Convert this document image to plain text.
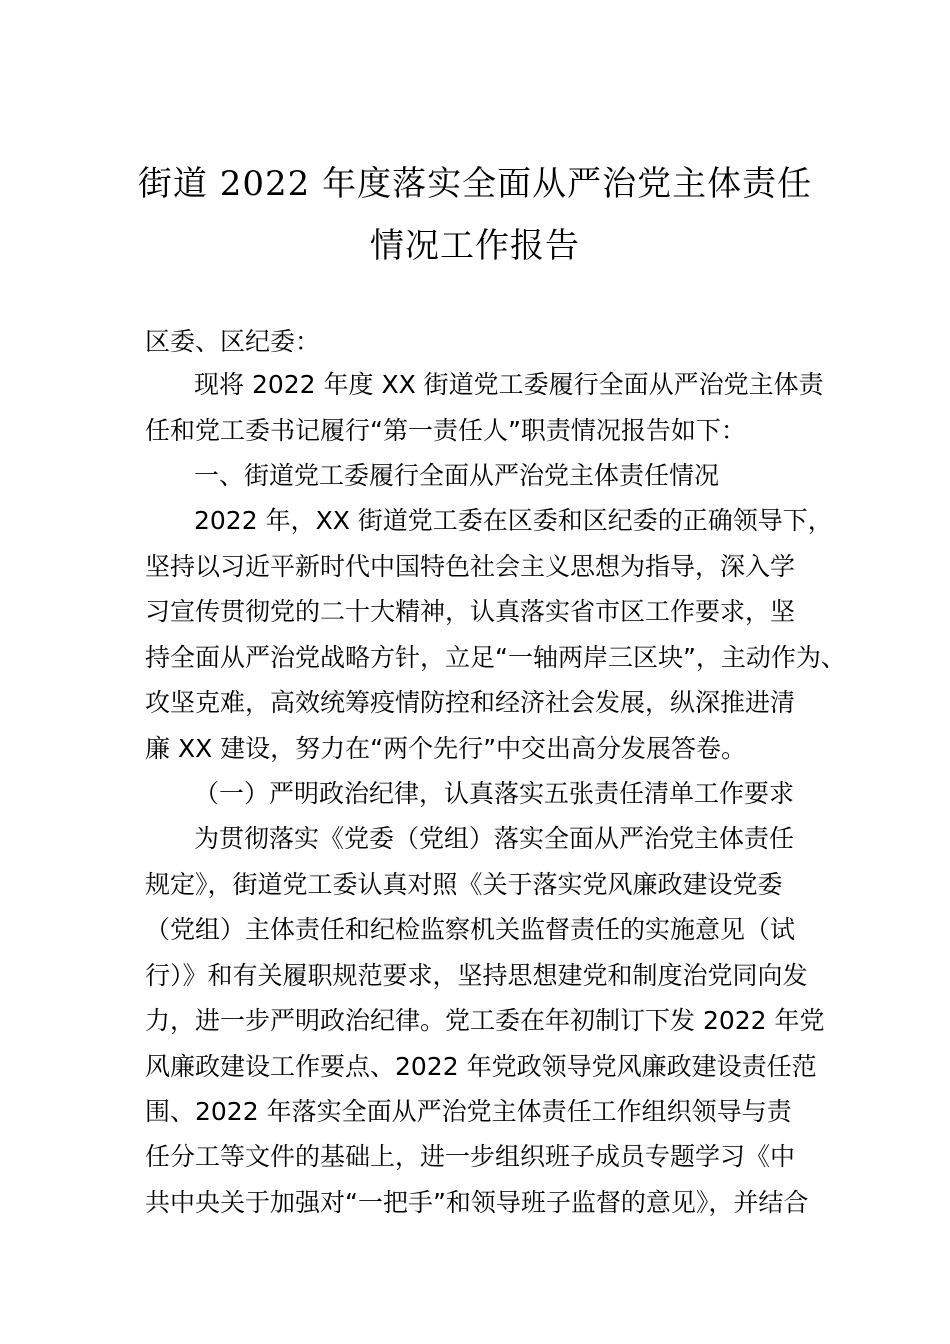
街道 2022 年度落实全面从严治党主体责任
情况工作报告
区委、区纪委：
现将 2022 年度 XX 街道党工委履行全面从严治党主体责
任和党工委书记履行“第一责任人”职责情况报告如下：
一、街道党工委履行全面从严治党主体责任情况
2022 年，XX 街道党工委在区委和区纪委的正确领导下，
坚持以习近平新时代中国特色社会主义思想为指导，深入学
习宣传贯彻党的二十大精神，认真落实省市区工作要求，坚
持全面从严治党战略方针，立足“一轴两岸三区块”，主动作为、
攻坚克难，高效统筹疫情防控和经济社会发展，纵深推进清
廉 XX 建设，努力在“两个先行”中交出高分发展答卷。
（一）严明政治纪律，认真落实五张责任清单工作要求
为贯彻落实《党委（党组）落实全面从严治党主体责任
规定》，街道党工委认真对照《关于落实党风廉政建设党委
（党组）主体责任和纪检监察机关监督责任的实施意见（试
行）》和有关履职规范要求，坚持思想建党和制度治党同向发
力，进一步严明政治纪律。党工委在年初制订下发 2022 年党
风廉政建设工作要点、2022 年党政领导党风廉政建设责任范
围、2022 年落实全面从严治党主体责任工作组织领导与责
任分工等文件的基础上，进一步组织班子成员专题学习《中
共中央关于加强对“一把手”和领导班子监督的意见》，并结合
